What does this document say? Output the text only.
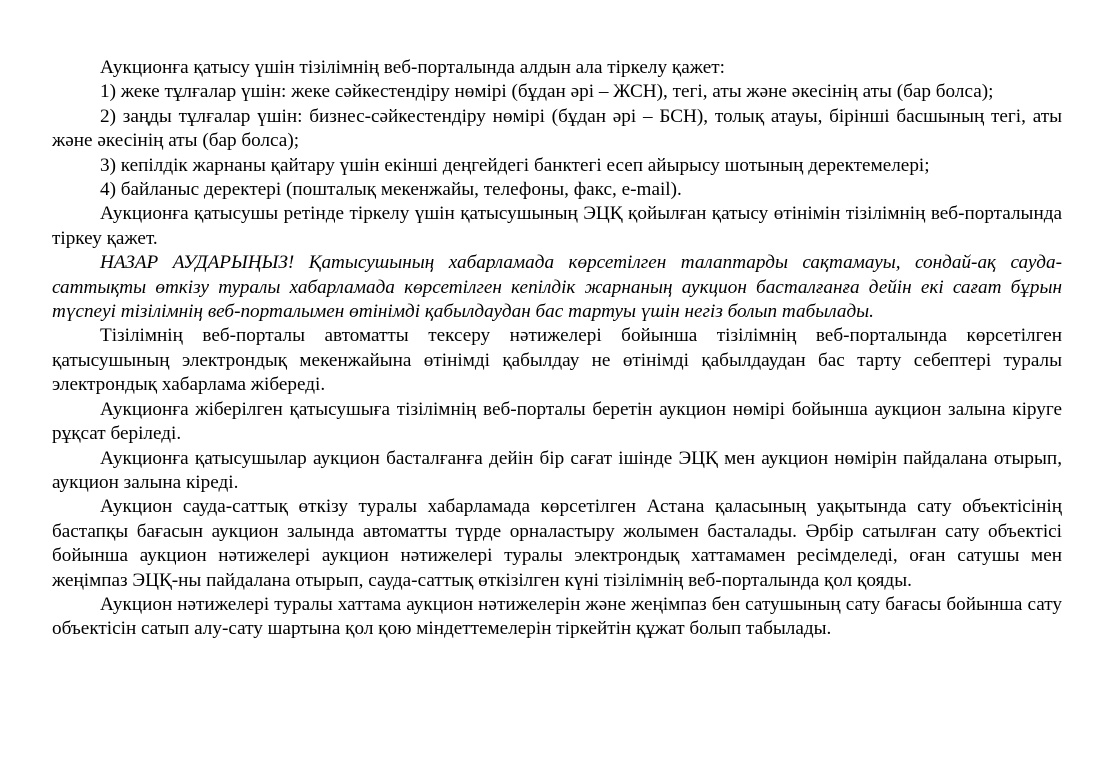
Аукционға қатысу үшін тізілімнің веб-порталында алдын ала тіркелу қажет:

1) жеке тұлғалар үшін: жеке сәйкестендіру нөмірі (бұдан әрі – ЖСН), тегі, аты және әкесінің аты (бар болса);

2) заңды тұлғалар үшін: бизнес-сәйкестендіру нөмірі (бұдан әрі – БСН), толық атауы, бірінші басшының тегі, аты және әкесінің аты (бар болса);

3) кепілдік жарнаны қайтару үшін екінші деңгейдегі банктегі есеп айырысу шотының деректемелері;

4) байланыс деректері (пошталық мекенжайы, телефоны, факс, e-mail).

Аукционға қатысушы ретінде тіркелу үшін қатысушының ЭЦҚ қойылған қатысу өтінімін тізілімнің веб-порталында тіркеу қажет.

НАЗАР АУДАРЫҢЫЗ! Қатысушының хабарламада көрсетілген талаптарды сақтамауы, сондай-ақ сауда-саттықты өткізу туралы хабарламада көрсетілген кепілдік жарнаның аукцион басталғанға дейін екі сағат бұрын түспеуі тізілімнің веб-порталымен өтінімді қабылдаудан бас тартуы үшін негіз болып табылады.

Тізілімнің веб-порталы автоматты тексеру нәтижелері бойынша тізілімнің веб-порталында көрсетілген қатысушының электрондық мекенжайына өтінімді қабылдау не өтінімді қабылдаудан бас тарту себептері туралы электрондық хабарлама жібереді.

Аукционға жіберілген қатысушыға тізілімнің веб-порталы беретін аукцион нөмірі бойынша аукцион залына кіруге рұқсат беріледі.

Аукционға қатысушылар аукцион басталғанға дейін бір сағат ішінде ЭЦҚ мен аукцион нөмірін пайдалана отырып, аукцион залына кіреді.

Аукцион сауда-саттық өткізу туралы хабарламада көрсетілген Астана қаласының уақытында сату объектісінің бастапқы бағасын аукцион залында автоматты түрде орналастыру жолымен басталады. Әрбір сатылған сату объектісі бойынша аукцион нәтижелері аукцион нәтижелері туралы электрондық хаттамамен ресімделеді, оған сатушы мен жеңімпаз ЭЦҚ-ны пайдалана отырып, сауда-саттық өткізілген күні тізілімнің веб-порталында қол қояды.

Аукцион нәтижелері туралы хаттама аукцион нәтижелерін және жеңімпаз бен сатушының сату бағасы бойынша сату объектісін сатып алу-сату шартына қол қою міндеттемелерін тіркейтін құжат болып табылады.
